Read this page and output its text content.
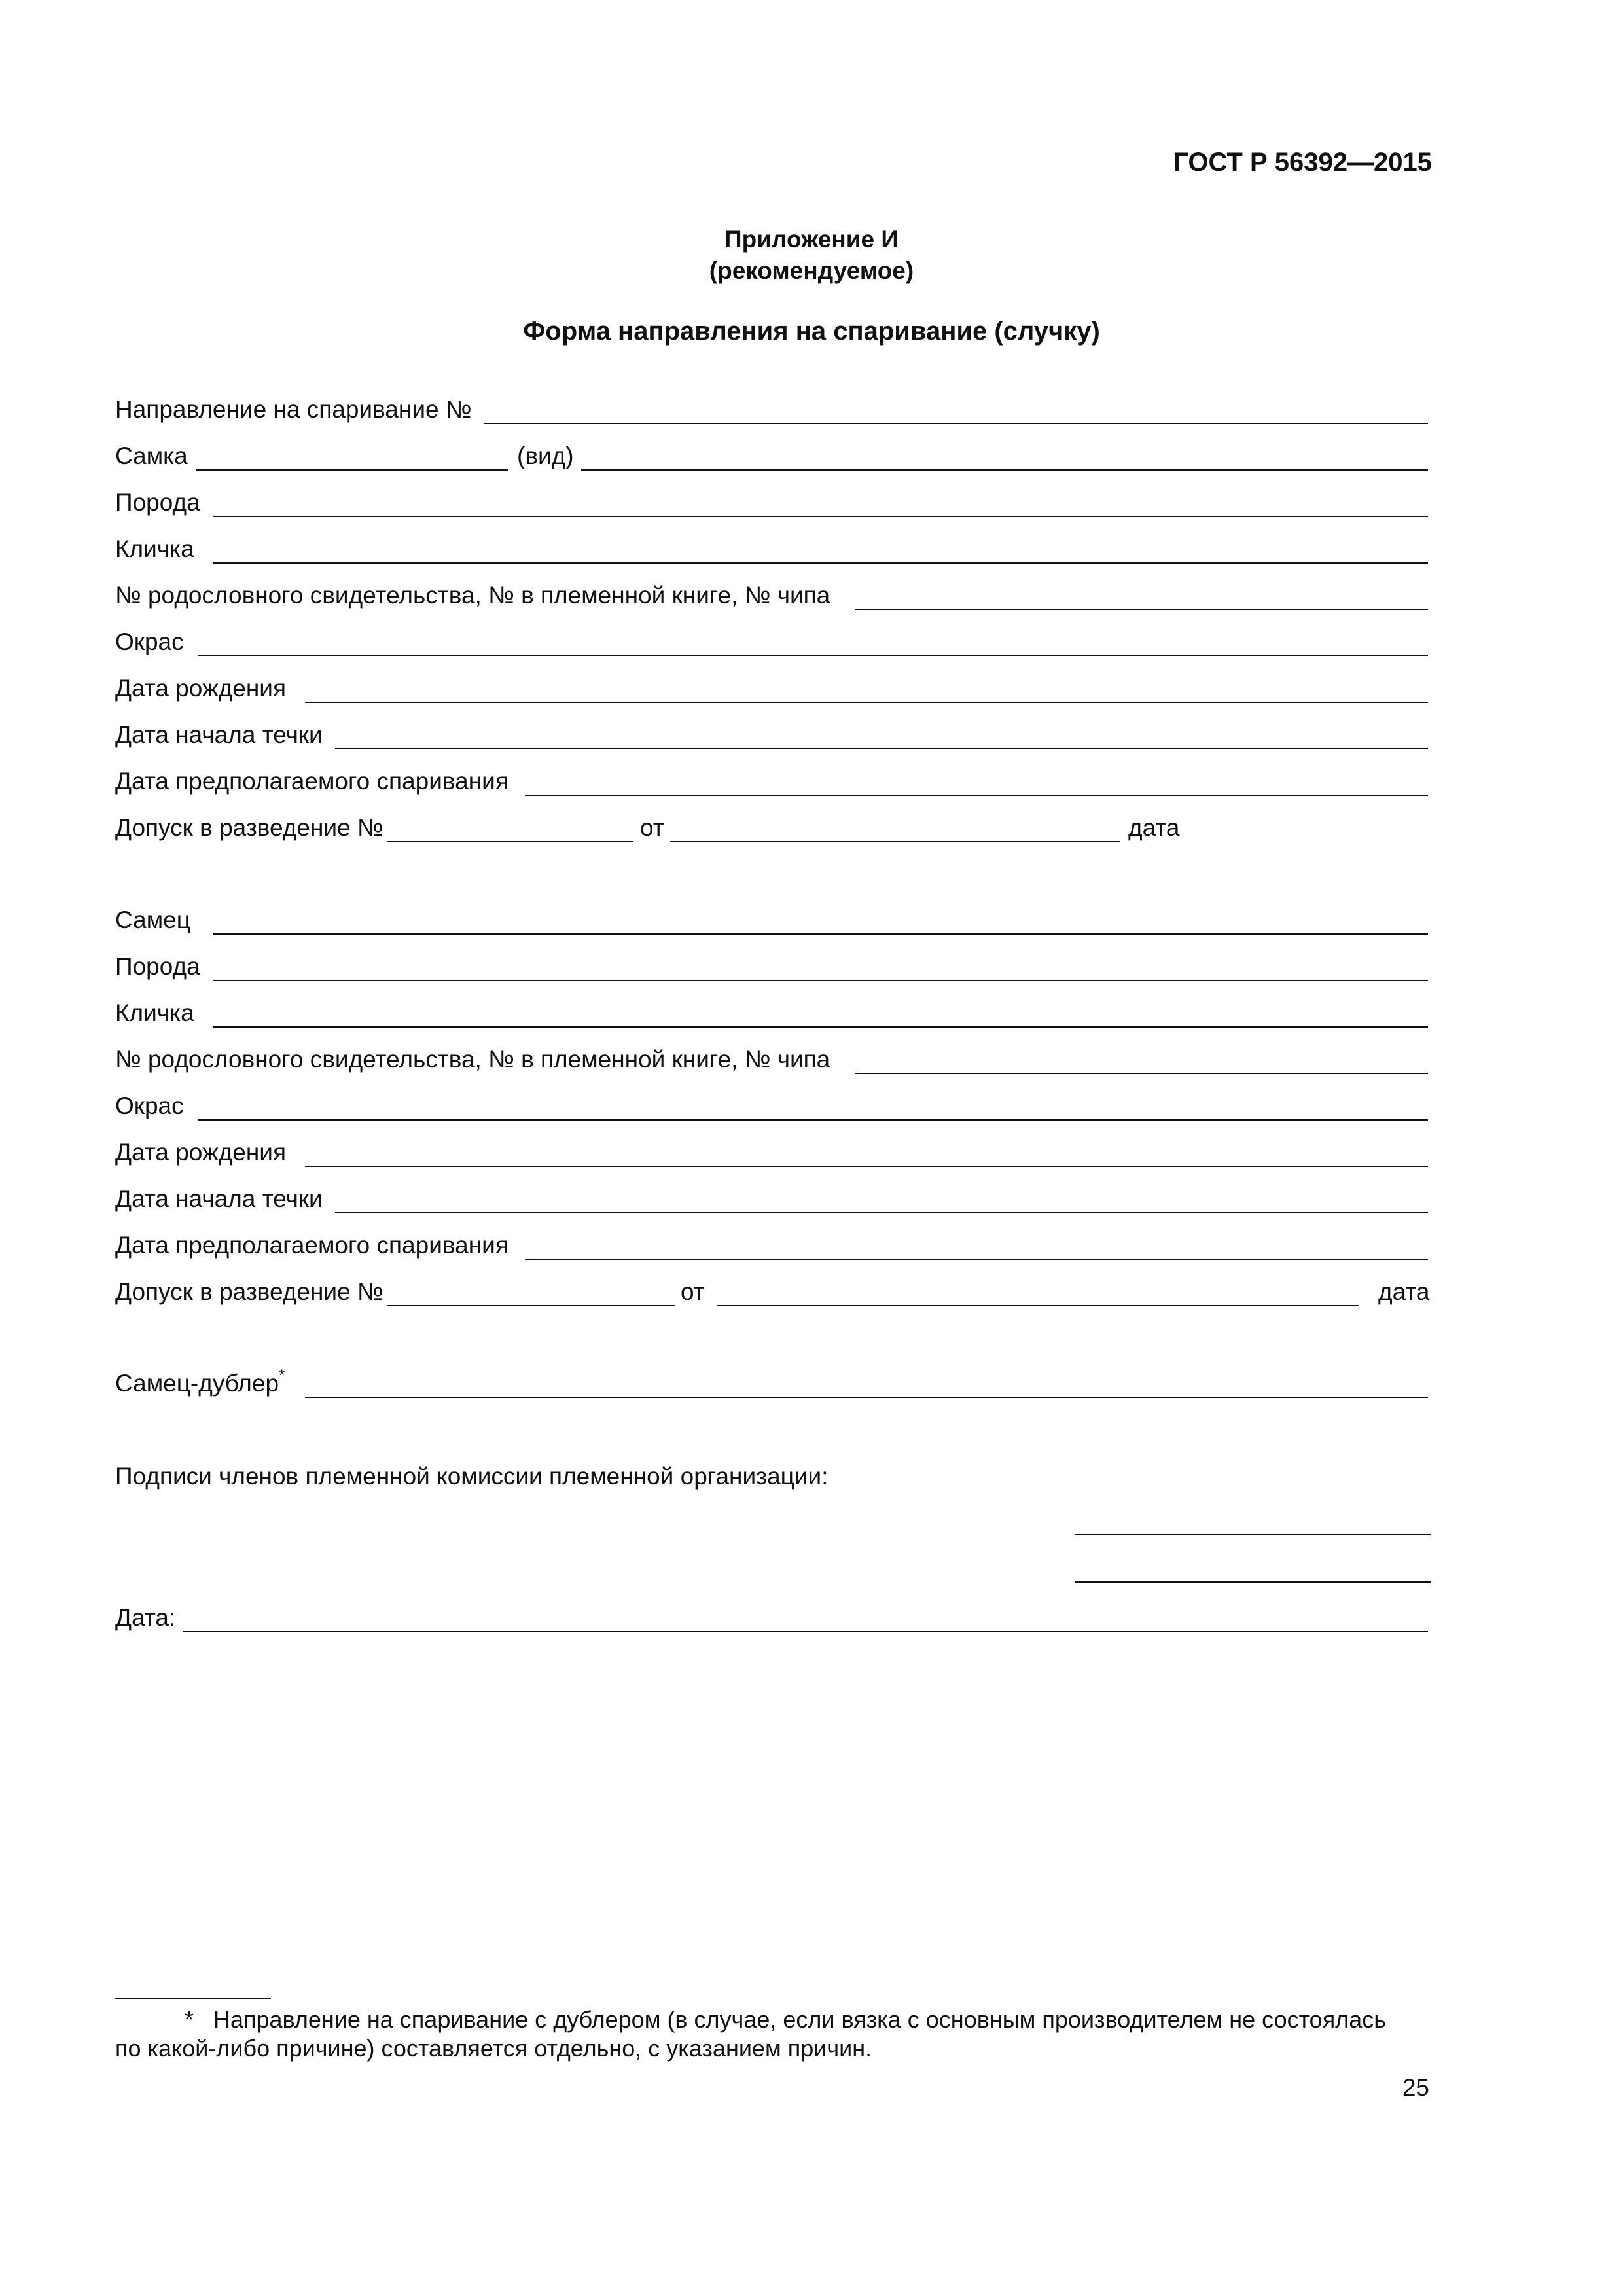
ГОСТ Р 56392—2015
Приложение И
(рекомендуемое)
Форма направления на спаривание (случку)
Направление на спаривание №
Самка	(вид)
Порода
Кличка
№ родословного свидетельства, № в племенной книге, № чипа
Окрас
Дата рождения
Дата начала течки
Дата предполагаемого спаривания
Допуск в разведение №	от	дата
Самец
Порода
Кличка
№ родословного свидетельства, № в племенной книге, № чипа
Окрас
Дата рождения
Дата начала течки
Дата предполагаемого спаривания
Допуск в разведение №	от	дата
Самец-дублер*
Подписи членов племенной комиссии племенной организации:
Дата:
* Направление на спаривание с дублером (в случае, если вязка с основным производителем не состоялась
по какой-либо причине) составляется отдельно, с указанием причин.
25
